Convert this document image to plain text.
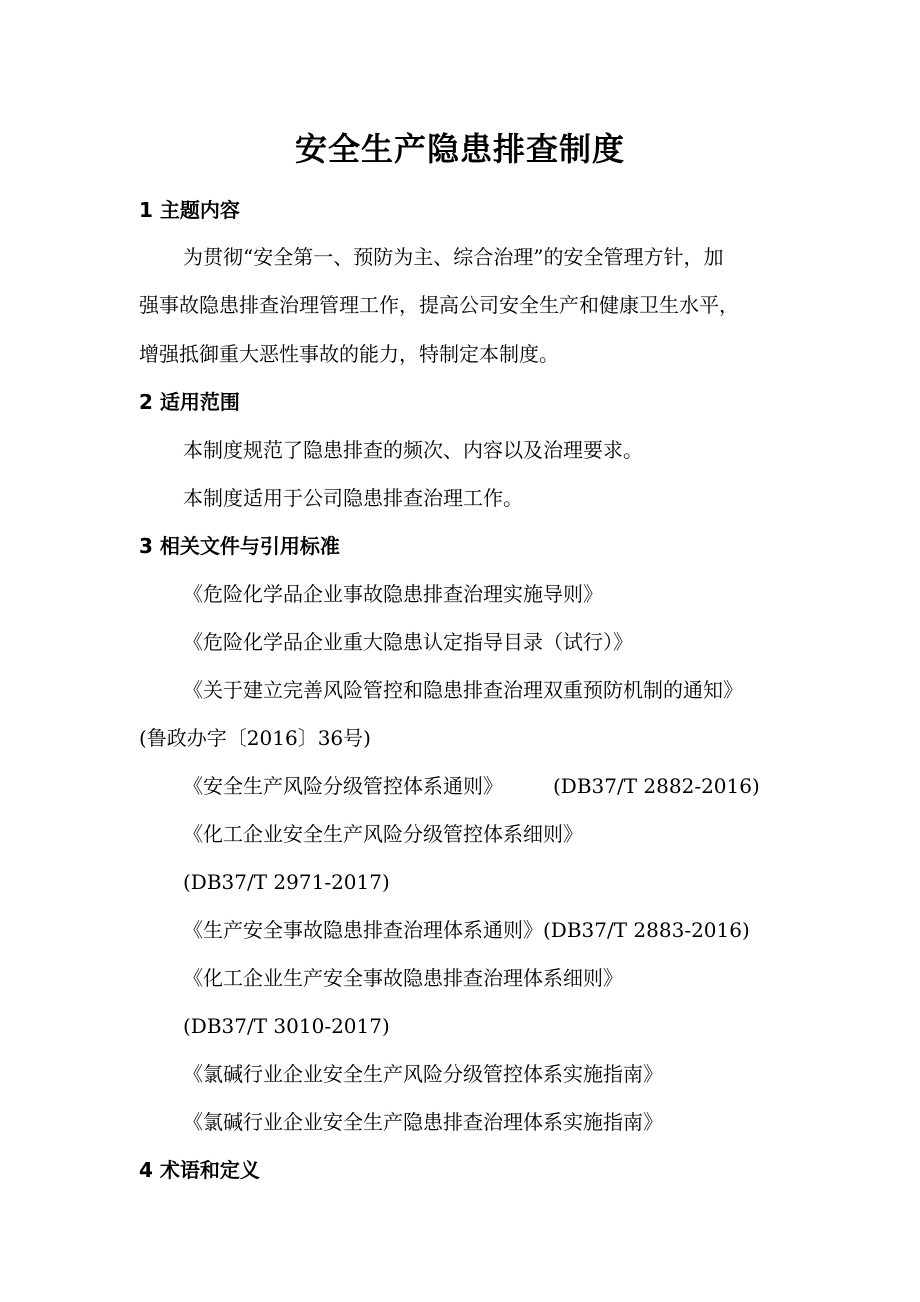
安全生产隐患排查制度
1 主题内容
为贯彻“安全第一、预防为主、综合治理”的安全管理方针，加
强事故隐患排查治理管理工作，提高公司安全生产和健康卫生水平，
增强抵御重大恶性事故的能力，特制定本制度。
2 适用范围
本制度规范了隐患排查的频次、内容以及治理要求。
本制度适用于公司隐患排查治理工作。
3 相关文件与引用标准
《危险化学品企业事故隐患排查治理实施导则》
《危险化学品企业重大隐患认定指导目录（试行）》
《关于建立完善风险管控和隐患排查治理双重预防机制的通知》
(鲁政办字〔2016〕36号)
《安全生产风险分级管控体系通则》	(DB37/T 2882-2016)
《化工企业安全生产风险分级管控体系细则》
(DB37/T 2971-2017)
《生产安全事故隐患排查治理体系通则》(DB37/T 2883-2016)
《化工企业生产安全事故隐患排查治理体系细则》
(DB37/T 3010-2017)
《氯碱行业企业安全生产风险分级管控体系实施指南》
《氯碱行业企业安全生产隐患排查治理体系实施指南》
4 术语和定义
